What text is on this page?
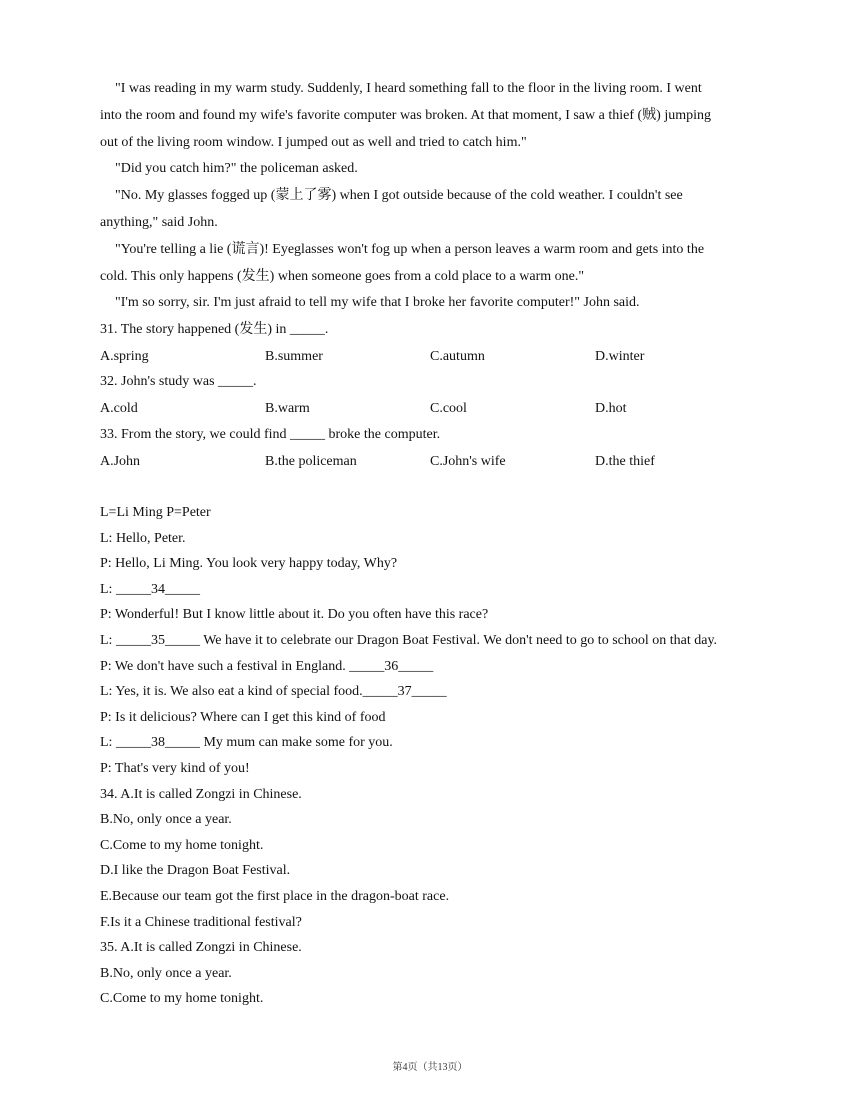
"I was reading in my warm study. Suddenly, I heard something fall to the floor in the living room. I went
into the room and found my wife's favorite computer was broken. At that moment, I saw a thief (贼) jumping
out of the living room window. I jumped out as well and tried to catch him."
"Did you catch him?" the policeman asked.
"No. My glasses fogged up (蒙上了雾) when I got outside because of the cold weather. I couldn't see
anything," said John.
"You're telling a lie (谎言)! Eyeglasses won't fog up when a person leaves a warm room and gets into the
cold. This only happens (发生) when someone goes from a cold place to a warm one."
"I'm so sorry, sir. I'm just afraid to tell my wife that I broke her favorite computer!" John said.
31. The story happened (发生) in _____.
A.spring	B.summer	C.autumn	D.winter
32. John's study was _____.
A.cold	B.warm	C.cool	D.hot
33. From the story, we could find _____ broke the computer.
A.John	B.the policeman	C.John's wife	D.the thief
L=Li Ming P=Peter
L: Hello, Peter.
P: Hello, Li Ming. You look very happy today, Why?
L: _____34_____
P: Wonderful! But I know little about it. Do you often have this race?
L: _____35_____ We have it to celebrate our Dragon Boat Festival. We don't need to go to school on that day.
P: We don't have such a festival in England. _____36_____
L: Yes, it is. We also eat a kind of special food._____37_____
P: Is it delicious? Where can I get this kind of food
L: _____38_____ My mum can make some for you.
P: That's very kind of you!
34. A.It is called Zongzi in Chinese.
B.No, only once a year.
C.Come to my home tonight.
D.I like the Dragon Boat Festival.
E.Because our team got the first place in the dragon-boat race.
F.Is it a Chinese traditional festival?
35. A.It is called Zongzi in Chinese.
B.No, only once a year.
C.Come to my home tonight.
第4页（共13页）
